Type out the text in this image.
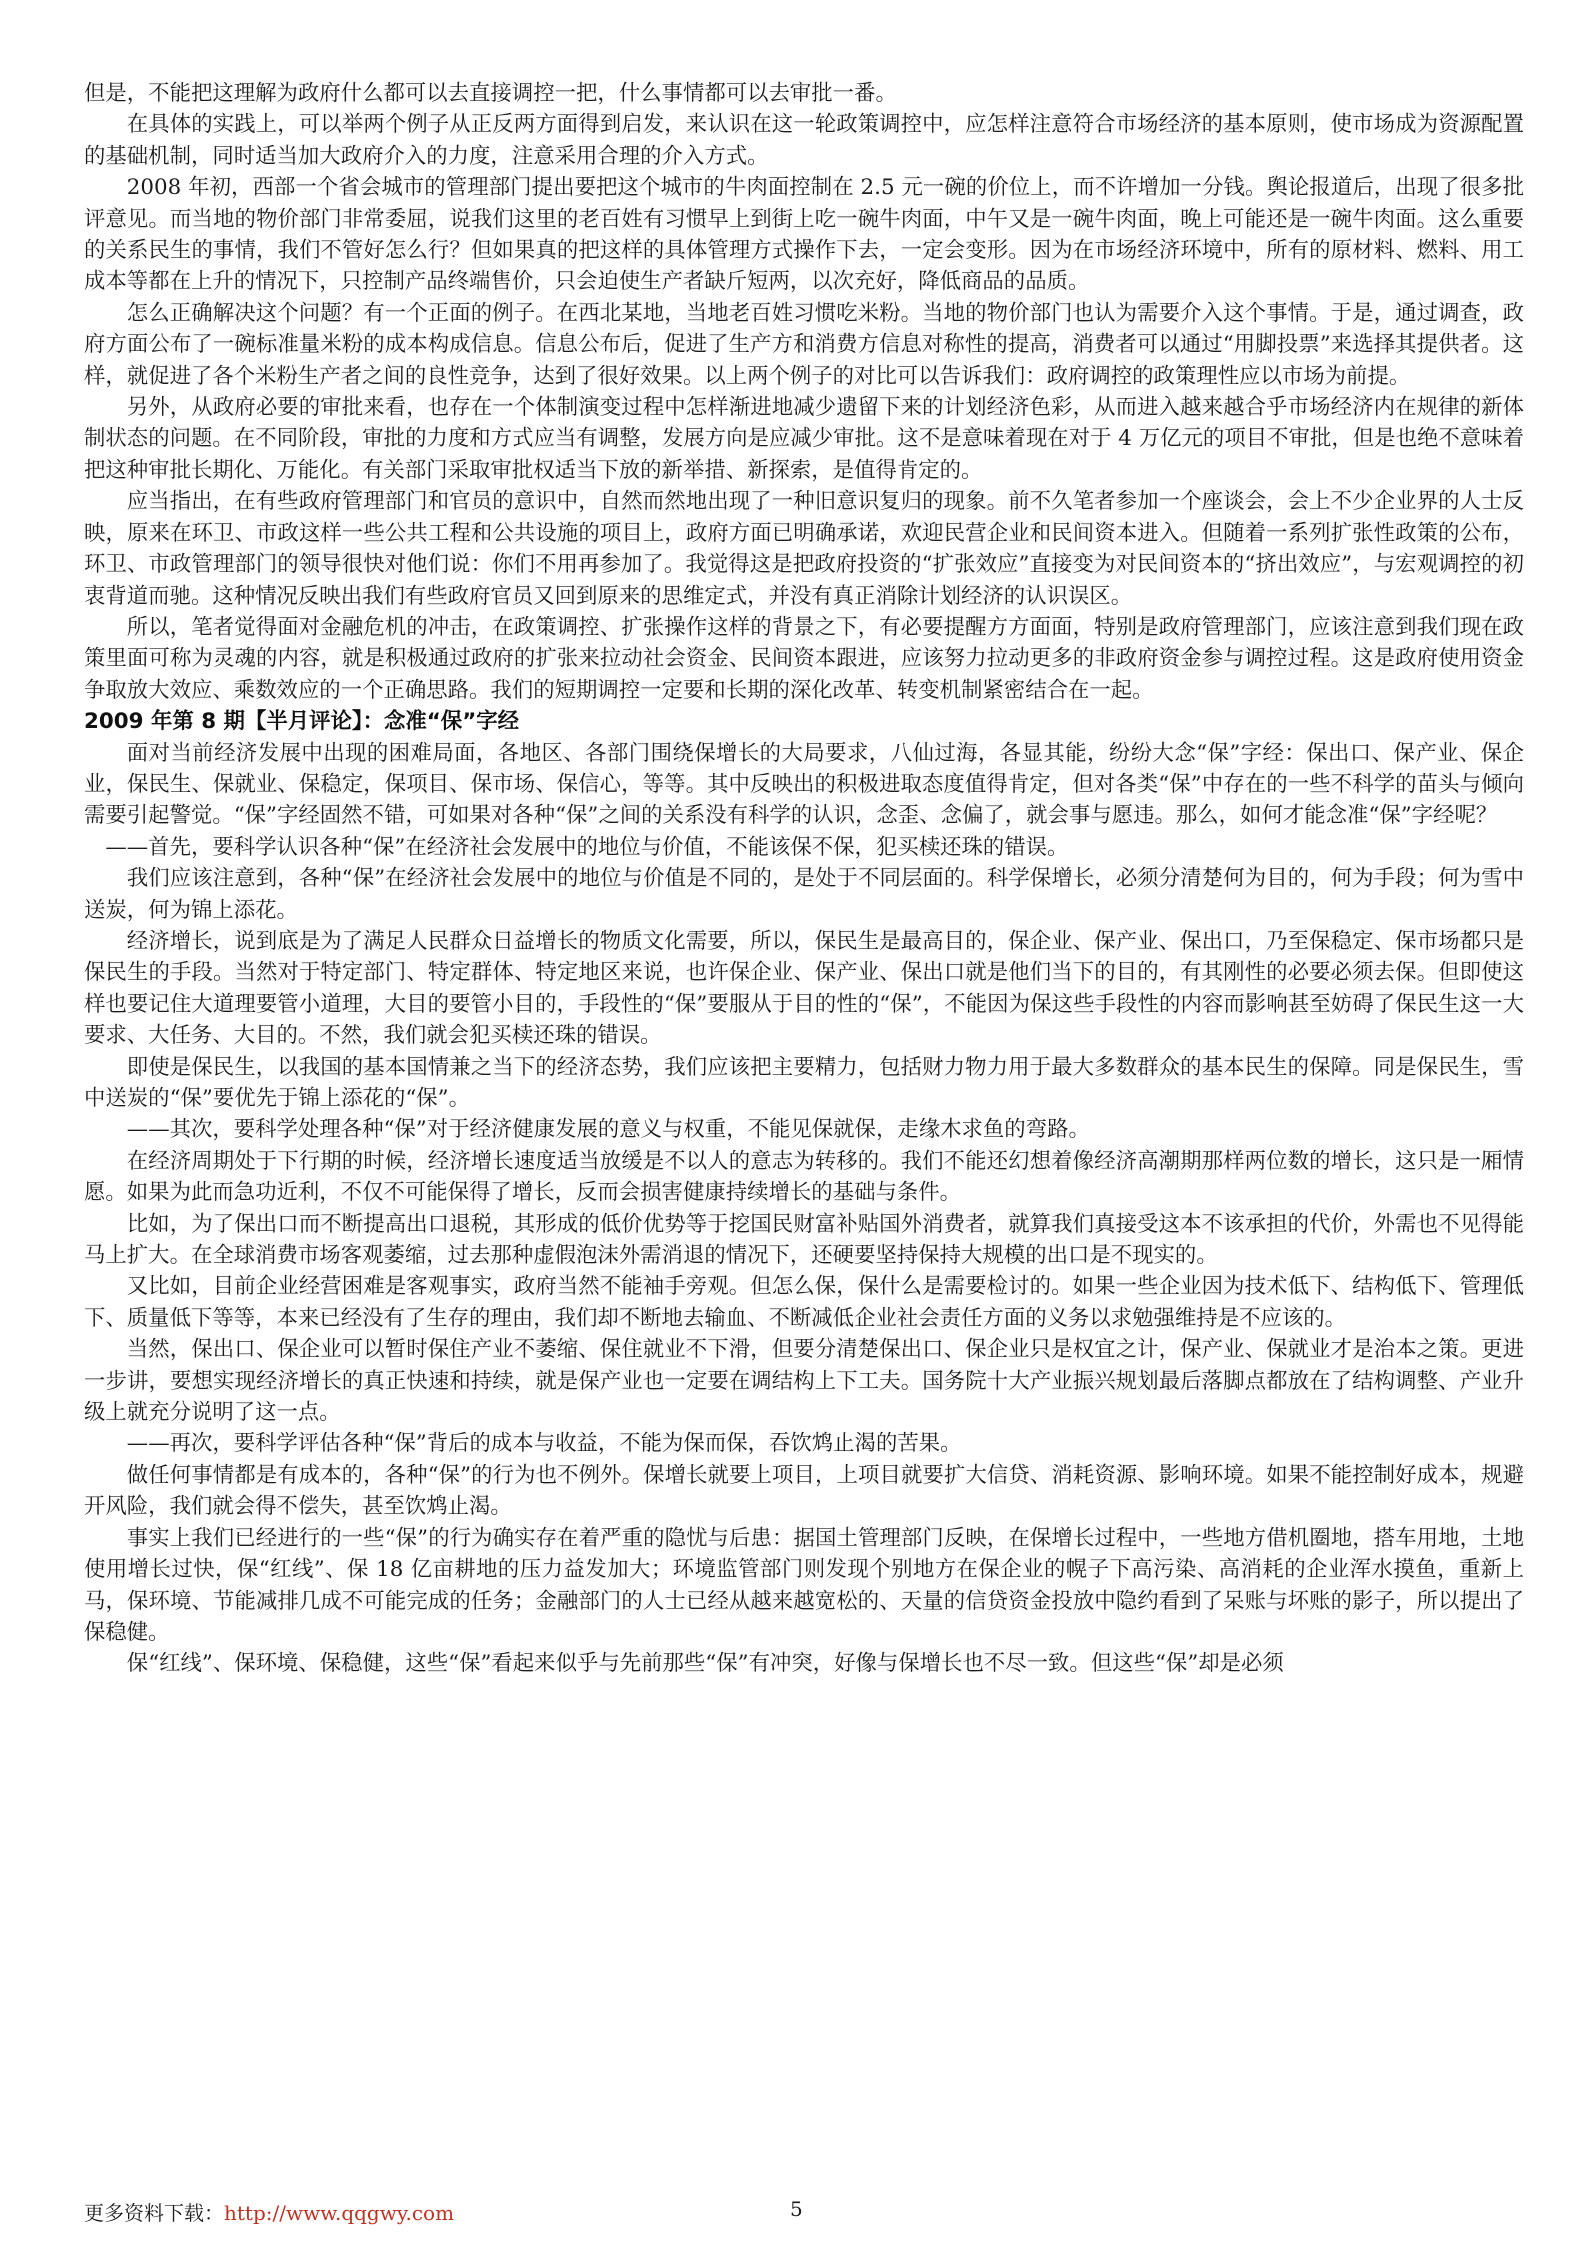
但是，不能把这理解为政府什么都可以去直接调控一把，什么事情都可以去审批一番。

在具体的实践上，可以举两个例子从正反两方面得到启发，来认识在这一轮政策调控中，应怎样注意符合市场经济的基本原则，使市场成为资源配置的基础机制，同时适当加大政府介入的力度，注意采用合理的介入方式。

2008 年初，西部一个省会城市的管理部门提出要把这个城市的牛肉面控制在 2.5 元一碗的价位上，而不许增加一分钱。舆论报道后，出现了很多批评意见。而当地的物价部门非常委屈，说我们这里的老百姓有习惯早上到街上吃一碗牛肉面，中午又是一碗牛肉面，晚上可能还是一碗牛肉面。这么重要的关系民生的事情，我们不管好怎么行？但如果真的把这样的具体管理方式操作下去，一定会变形。因为在市场经济环境中，所有的原材料、燃料、用工成本等都在上升的情况下，只控制产品终端售价，只会迫使生产者缺斤短两，以次充好，降低商品的品质。

怎么正确解决这个问题？有一个正面的例子。在西北某地，当地老百姓习惯吃米粉。当地的物价部门也认为需要介入这个事情。于是，通过调查，政府方面公布了一碗标准量米粉的成本构成信息。信息公布后，促进了生产方和消费方信息对称性的提高，消费者可以通过“用脚投票”来选择其提供者。这样，就促进了各个米粉生产者之间的良性竞争，达到了很好效果。以上两个例子的对比可以告诉我们：政府调控的政策理性应以市场为前提。

另外，从政府必要的审批来看，也存在一个体制演变过程中怎样渐进地减少遗留下来的计划经济色彩，从而进入越来越合乎市场经济内在规律的新体制状态的问题。在不同阶段，审批的力度和方式应当有调整，发展方向是应减少审批。这不是意味着现在对于 4 万亿元的项目不审批，但是也绝不意味着把这种审批长期化、万能化。有关部门采取审批权适当下放的新举措、新探索，是值得肯定的。

应当指出，在有些政府管理部门和官员的意识中，自然而然地出现了一种旧意识复归的现象。前不久笔者参加一个座谈会，会上不少企业界的人士反映，原来在环卫、市政这样一些公共工程和公共设施的项目上，政府方面已明确承诺，欢迎民营企业和民间资本进入。但随着一系列扩张性政策的公布，环卫、市政管理部门的领导很快对他们说：你们不用再参加了。我觉得这是把政府投资的“扩张效应”直接变为对民间资本的“挤出效应”，与宏观调控的初衷背道而驰。这种情况反映出我们有些政府官员又回到原来的思维定式，并没有真正消除计划经济的认识误区。

所以，笔者觉得面对金融危机的冲击，在政策调控、扩张操作这样的背景之下，有必要提醒方方面面，特别是政府管理部门，应该注意到我们现在政策里面可称为灵魂的内容，就是积极通过政府的扩张来拉动社会资金、民间资本跟进，应该努力拉动更多的非政府资金参与调控过程。这是政府使用资金争取放大效应、乘数效应的一个正确思路。我们的短期调控一定要和长期的深化改革、转变机制紧密结合在一起。

2009 年第 8 期【半月评论】：念准“保”字经

面对当前经济发展中出现的困难局面，各地区、各部门围绕保增长的大局要求，八仙过海，各显其能，纷纷大念“保”字经：保出口、保产业、保企业，保民生、保就业、保稳定，保项目、保市场、保信心，等等。其中反映出的积极进取态度值得肯定，但对各类“保”中存在的一些不科学的苗头与倾向需要引起警觉。“保”字经固然不错，可如果对各种“保”之间的关系没有科学的认识，念歪、念偏了，就会事与愿违。那么，如何才能念准“保”字经呢？

——首先，要科学认识各种“保”在经济社会发展中的地位与价值，不能该保不保，犯买椟还珠的错误。

我们应该注意到，各种“保”在经济社会发展中的地位与价值是不同的，是处于不同层面的。科学保增长，必须分清楚何为目的，何为手段；何为雪中送炭，何为锦上添花。

经济增长，说到底是为了满足人民群众日益增长的物质文化需要，所以，保民生是最高目的，保企业、保产业、保出口，乃至保稳定、保市场都只是保民生的手段。当然对于特定部门、特定群体、特定地区来说，也许保企业、保产业、保出口就是他们当下的目的，有其刚性的必要必须去保。但即使这样也要记住大道理要管小道理，大目的要管小目的，手段性的“保”要服从于目的性的“保”，不能因为保这些手段性的内容而影响甚至妨碍了保民生这一大要求、大任务、大目的。不然，我们就会犯买椟还珠的错误。

即使是保民生，以我国的基本国情兼之当下的经济态势，我们应该把主要精力，包括财力物力用于最大多数群众的基本民生的保障。同是保民生，雪中送炭的“保”要优先于锦上添花的“保”。

——其次，要科学处理各种“保”对于经济健康发展的意义与权重，不能见保就保，走缘木求鱼的弯路。

在经济周期处于下行期的时候，经济增长速度适当放缓是不以人的意志为转移的。我们不能还幻想着像经济高潮期那样两位数的增长，这只是一厢情愿。如果为此而急功近利，不仅不可能保得了增长，反而会损害健康持续增长的基础与条件。

比如，为了保出口而不断提高出口退税，其形成的低价优势等于挖国民财富补贴国外消费者，就算我们真接受这本不该承担的代价，外需也不见得能马上扩大。在全球消费市场客观萎缩，过去那种虚假泡沫外需消退的情况下，还硬要坚持保持大规模的出口是不现实的。

又比如，目前企业经营困难是客观事实，政府当然不能袖手旁观。但怎么保，保什么是需要检讨的。如果一些企业因为技术低下、结构低下、管理低下、质量低下等等，本来已经没有了生存的理由，我们却不断地去输血、不断减低企业社会责任方面的义务以求勉强维持是不应该的。

当然，保出口、保企业可以暂时保住产业不萎缩、保住就业不下滑，但要分清楚保出口、保企业只是权宜之计，保产业、保就业才是治本之策。更进一步讲，要想实现经济增长的真正快速和持续，就是保产业也一定要在调结构上下工夫。国务院十大产业振兴规划最后落脚点都放在了结构调整、产业升级上就充分说明了这一点。

——再次，要科学评估各种“保”背后的成本与收益，不能为保而保，吞饮鸩止渴的苦果。

做任何事情都是有成本的，各种“保”的行为也不例外。保增长就要上项目，上项目就要扩大信贷、消耗资源、影响环境。如果不能控制好成本，规避开风险，我们就会得不偿失，甚至饮鸩止渴。

事实上我们已经进行的一些“保”的行为确实存在着严重的隐忧与后患：据国土管理部门反映，在保增长过程中，一些地方借机圈地，搭车用地，土地使用增长过快，保“红线”、保 18 亿亩耕地的压力益发加大；环境监管部门则发现个别地方在保企业的幌子下高污染、高消耗的企业浑水摸鱼，重新上马，保环境、节能减排几成不可能完成的任务；金融部门的人士已经从越来越宽松的、天量的信贷资金投放中隐约看到了呆账与坏账的影子，所以提出了保稳健。

保“红线”、保环境、保稳健，这些“保”看起来似乎与先前那些“保”有冲突，好像与保增长也不尽一致。但这些“保”却是必须

更多资料下载：http://www.qqgwy.com	5
